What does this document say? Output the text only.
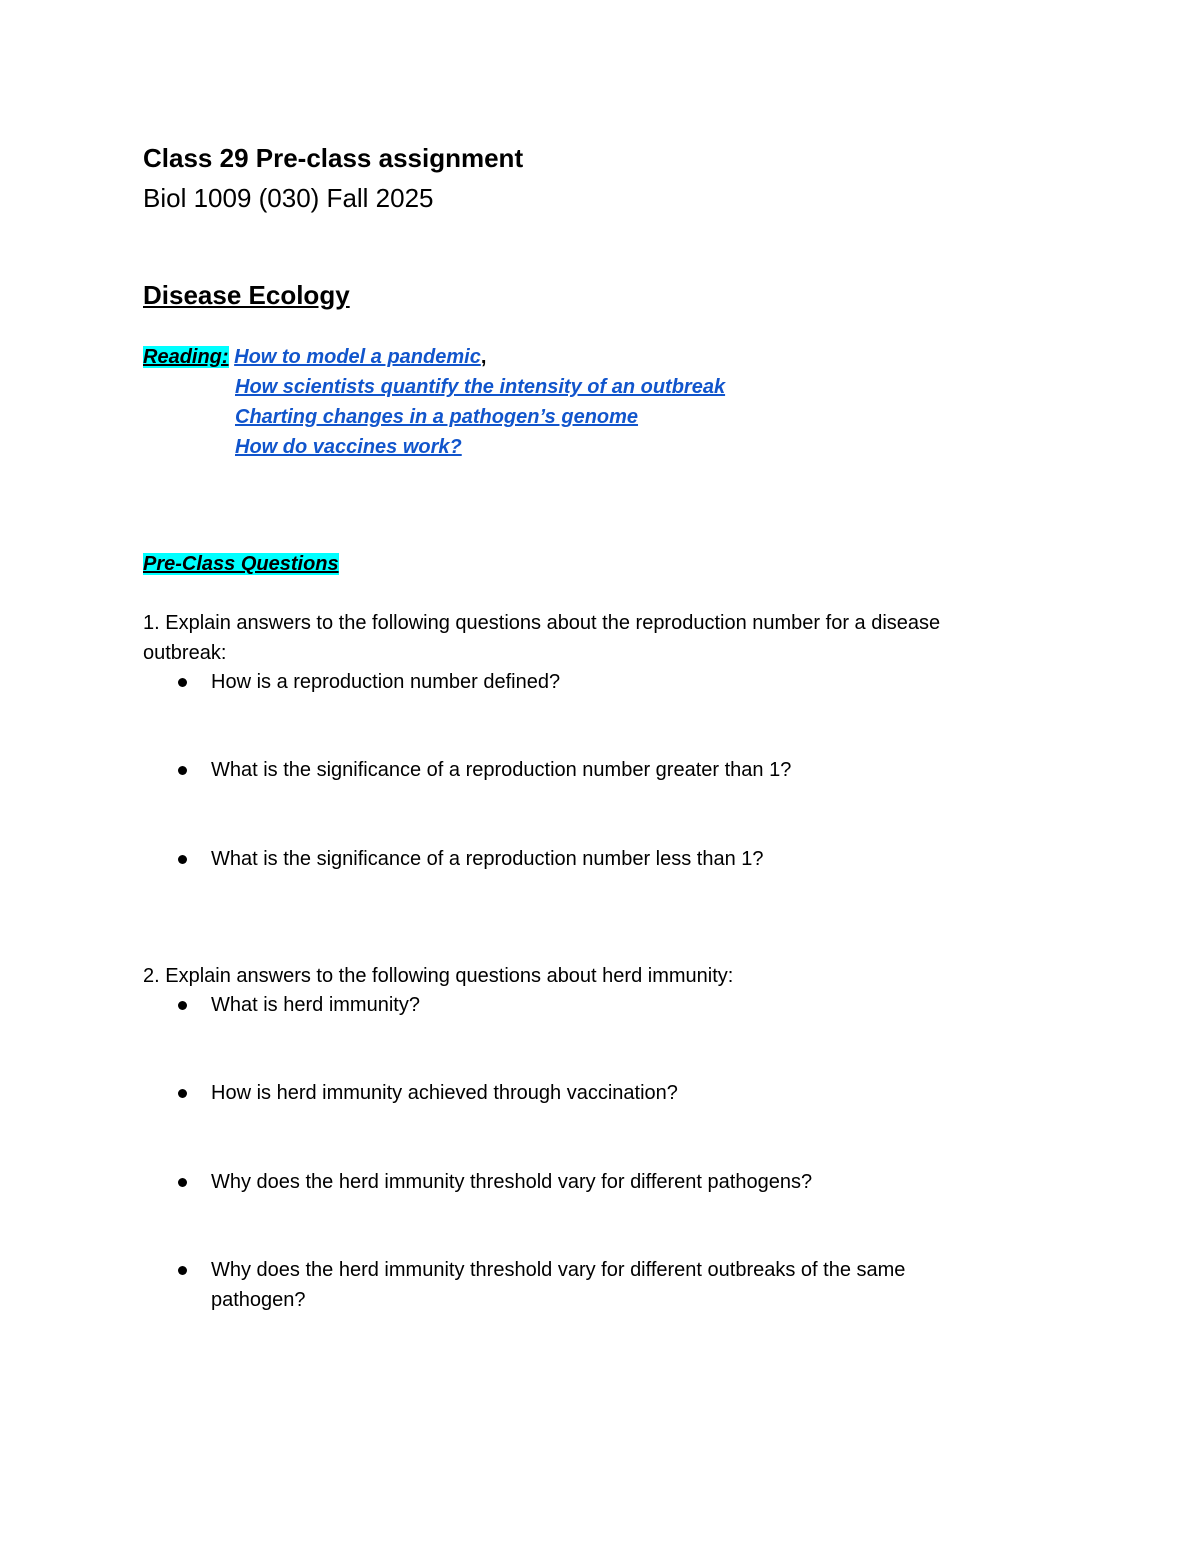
Class 29 Pre-class assignment
Biol 1009 (030) Fall 2025
Disease Ecology
Reading: How to model a pandemic,
How scientists quantify the intensity of an outbreak
Charting changes in a pathogen’s genome
How do vaccines work?
Pre-Class Questions
1. Explain answers to the following questions about the reproduction number for a disease
outbreak:
How is a reproduction number defined?
What is the significance of a reproduction number greater than 1?
What is the significance of a reproduction number less than 1?
2. Explain answers to the following questions about herd immunity:
What is herd immunity?
How is herd immunity achieved through vaccination?
Why does the herd immunity threshold vary for different pathogens?
Why does the herd immunity threshold vary for different outbreaks of the same
pathogen?
